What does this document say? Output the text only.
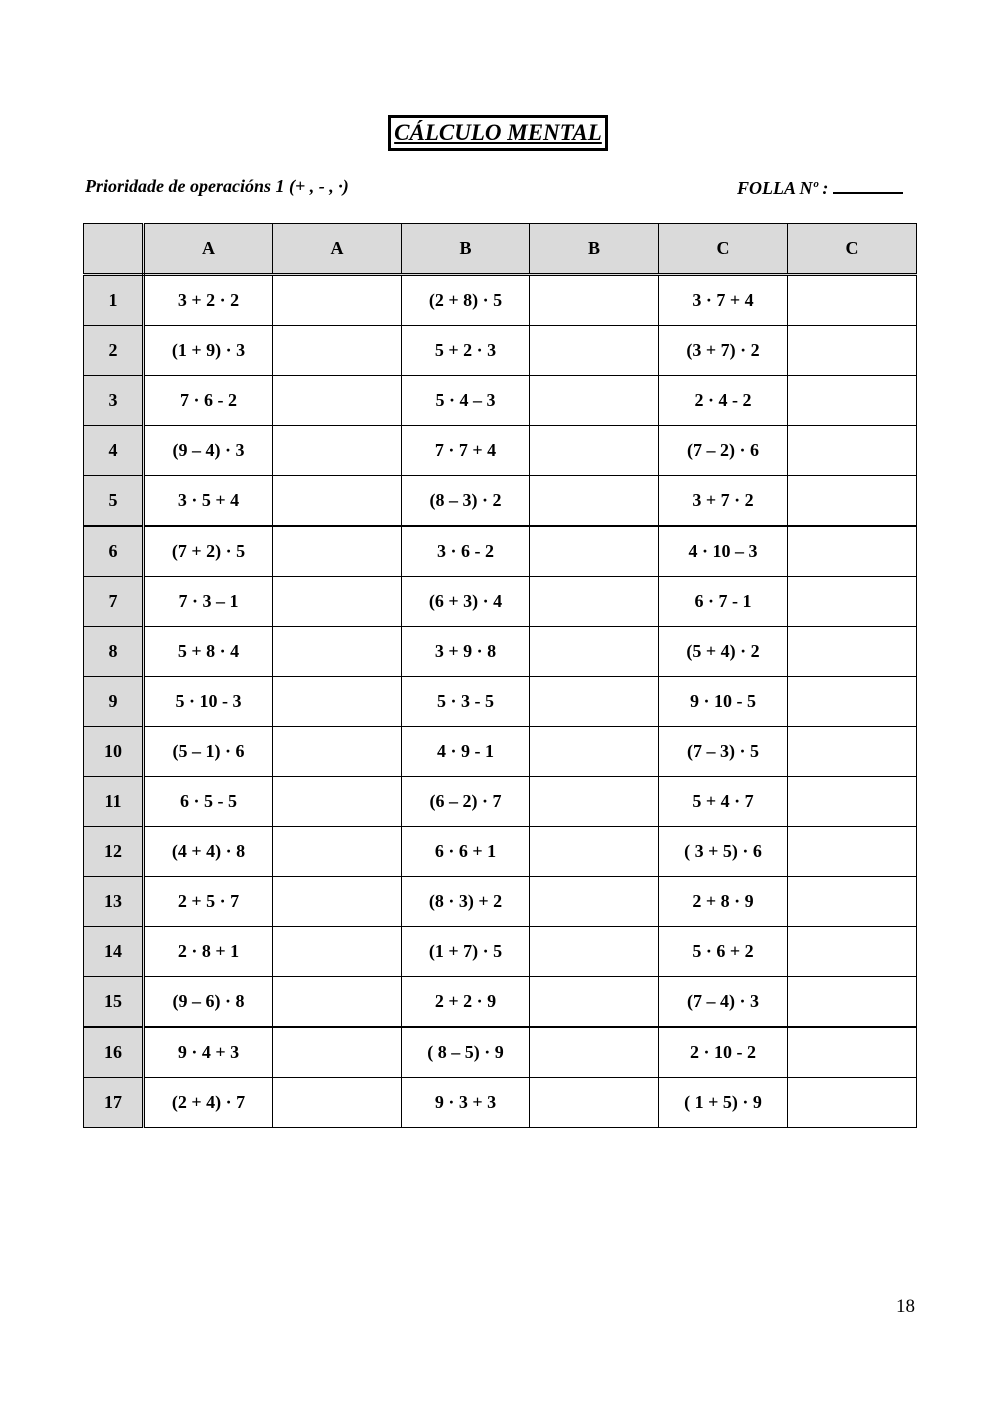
CÁLCULO MENTAL
Prioridade de operacións 1 (+ , - , ·)	FOLLA Nº :
	A	A	B	B	C	C
1	3 + 2 · 2		(2 + 8) · 5		3 · 7 + 4	
2	(1 + 9) · 3		5 + 2 · 3		(3 + 7) · 2	
3	7 · 6 - 2		5 · 4 – 3		2 · 4 - 2	
4	(9 – 4) · 3		7 · 7 + 4		(7 – 2) · 6	
5	3 · 5 + 4		(8 – 3) · 2		3 + 7 · 2	
6	(7 + 2) · 5		3 · 6 - 2		4 · 10 – 3	
7	7 · 3 – 1		(6 + 3) · 4		6 · 7 - 1	
8	5 + 8 · 4		3 + 9 · 8		(5 + 4) · 2	
9	5 · 10 - 3		5 · 3 - 5		9 · 10 - 5	
10	(5 – 1) · 6		4 · 9 - 1		(7 – 3) · 5	
11	6 · 5 - 5		(6 – 2) · 7		5 + 4 · 7	
12	(4 + 4) · 8		6 · 6 + 1		( 3 + 5) · 6	
13	2 + 5 · 7		(8 · 3) + 2		2 + 8 · 9	
14	2 · 8 + 1		(1 + 7) · 5		5 · 6 + 2	
15	(9 – 6) · 8		2 + 2 · 9		(7 – 4) · 3	
16	9 · 4 + 3		( 8 – 5) · 9		2 · 10 - 2	
17	(2 + 4) · 7		9 · 3 + 3		( 1 + 5) · 9	
18
